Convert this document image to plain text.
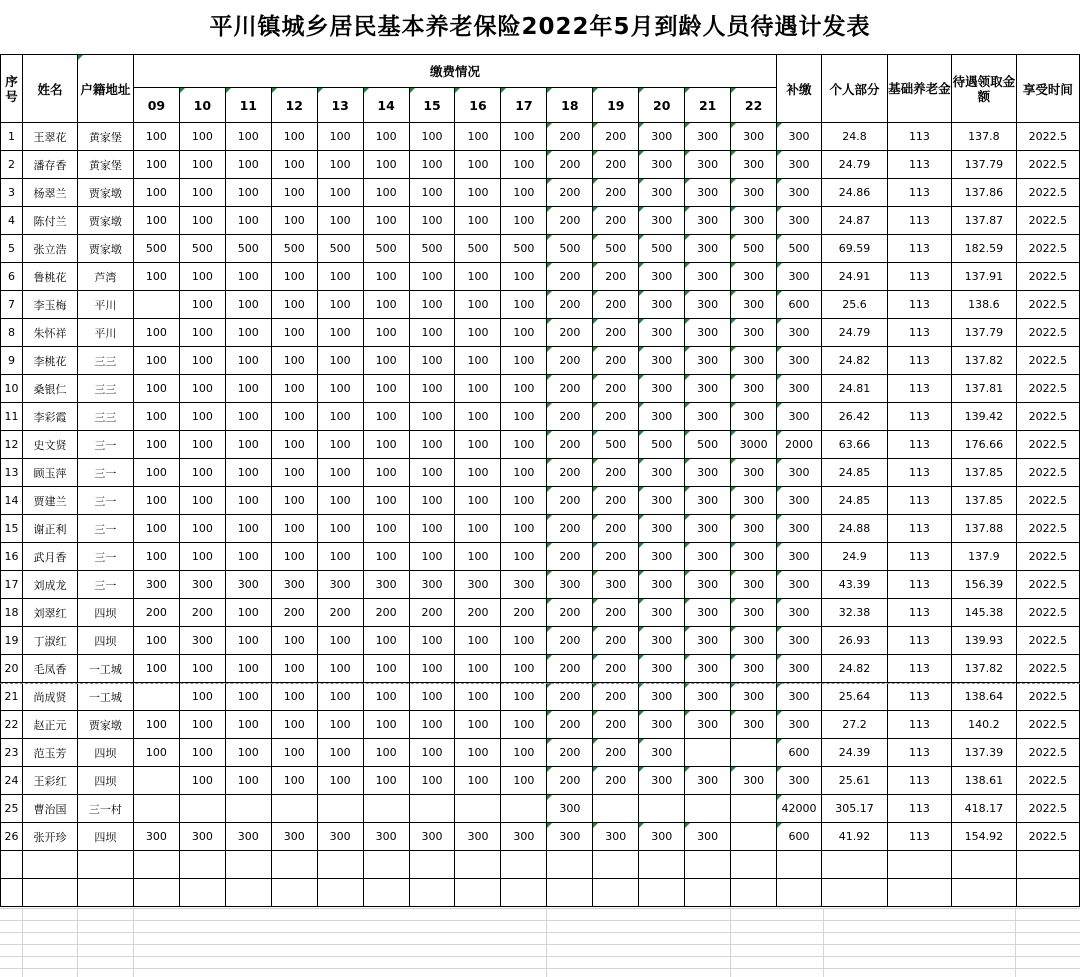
平川镇城乡居民基本养老保险2022年5月到龄人员待遇计发表
序号	姓名	户籍地址	缴费情况														补缴	个人部分	基础养老金	待遇领取金额	享受时间
			09	10	11	12	13	14	15	16	17	18	19	20	21	22					
1	王翠花	黄家堡	100	100	100	100	100	100	100	100	100	200	200	300	300	300	300	24.8	113	137.8	2022.5
2	潘存香	黄家堡	100	100	100	100	100	100	100	100	100	200	200	300	300	300	300	24.79	113	137.79	2022.5
3	杨翠兰	贾家墩	100	100	100	100	100	100	100	100	100	200	200	300	300	300	300	24.86	113	137.86	2022.5
4	陈付兰	贾家墩	100	100	100	100	100	100	100	100	100	200	200	300	300	300	300	24.87	113	137.87	2022.5
5	张立浩	贾家墩	500	500	500	500	500	500	500	500	500	500	500	500	300	500	500	69.59	113	182.59	2022.5
6	鲁桃花	芦湾	100	100	100	100	100	100	100	100	100	200	200	300	300	300	300	24.91	113	137.91	2022.5
7	李玉梅	平川		100	100	100	100	100	100	100	100	200	200	300	300	300	600	25.6	113	138.6	2022.5
8	朱怀祥	平川	100	100	100	100	100	100	100	100	100	200	200	300	300	300	300	24.79	113	137.79	2022.5
9	李桃花	三三	100	100	100	100	100	100	100	100	100	200	200	300	300	300	300	24.82	113	137.82	2022.5
10	桑银仁	三三	100	100	100	100	100	100	100	100	100	200	200	300	300	300	300	24.81	113	137.81	2022.5
11	李彩霞	三三	100	100	100	100	100	100	100	100	100	200	200	300	300	300	300	26.42	113	139.42	2022.5
12	史文贤	三一	100	100	100	100	100	100	100	100	100	200	500	500	500	3000	2000	63.66	113	176.66	2022.5
13	顾玉萍	三一	100	100	100	100	100	100	100	100	100	200	200	300	300	300	300	24.85	113	137.85	2022.5
14	贾建兰	三一	100	100	100	100	100	100	100	100	100	200	200	300	300	300	300	24.85	113	137.85	2022.5
15	谢正利	三一	100	100	100	100	100	100	100	100	100	200	200	300	300	300	300	24.88	113	137.88	2022.5
16	武月香	三一	100	100	100	100	100	100	100	100	100	200	200	300	300	300	300	24.9	113	137.9	2022.5
17	刘成龙	三一	300	300	300	300	300	300	300	300	300	300	300	300	300	300	300	43.39	113	156.39	2022.5
18	刘翠红	四坝	200	200	100	200	200	200	200	200	200	200	200	300	300	300	300	32.38	113	145.38	2022.5
19	丁淑红	四坝	100	300	100	100	100	100	100	100	100	200	200	300	300	300	300	26.93	113	139.93	2022.5
20	毛凤香	一工城	100	100	100	100	100	100	100	100	100	200	200	300	300	300	300	24.82	113	137.82	2022.5
21	尚成贤	一工城		100	100	100	100	100	100	100	100	200	200	300	300	300	300	25.64	113	138.64	2022.5
22	赵正元	贾家墩	100	100	100	100	100	100	100	100	100	200	200	300	300	300	300	27.2	113	140.2	2022.5
23	范玉芳	四坝	100	100	100	100	100	100	100	100	100	200	200	300			600	24.39	113	137.39	2022.5
24	王彩红	四坝		100	100	100	100	100	100	100	100	200	200	300	300	300	300	25.61	113	138.61	2022.5
25	曹治国	三一村										300					42000	305.17	113	418.17	2022.5
26	张开珍	四坝	300	300	300	300	300	300	300	300	300	300	300	300	300		600	41.92	113	154.92	2022.5
